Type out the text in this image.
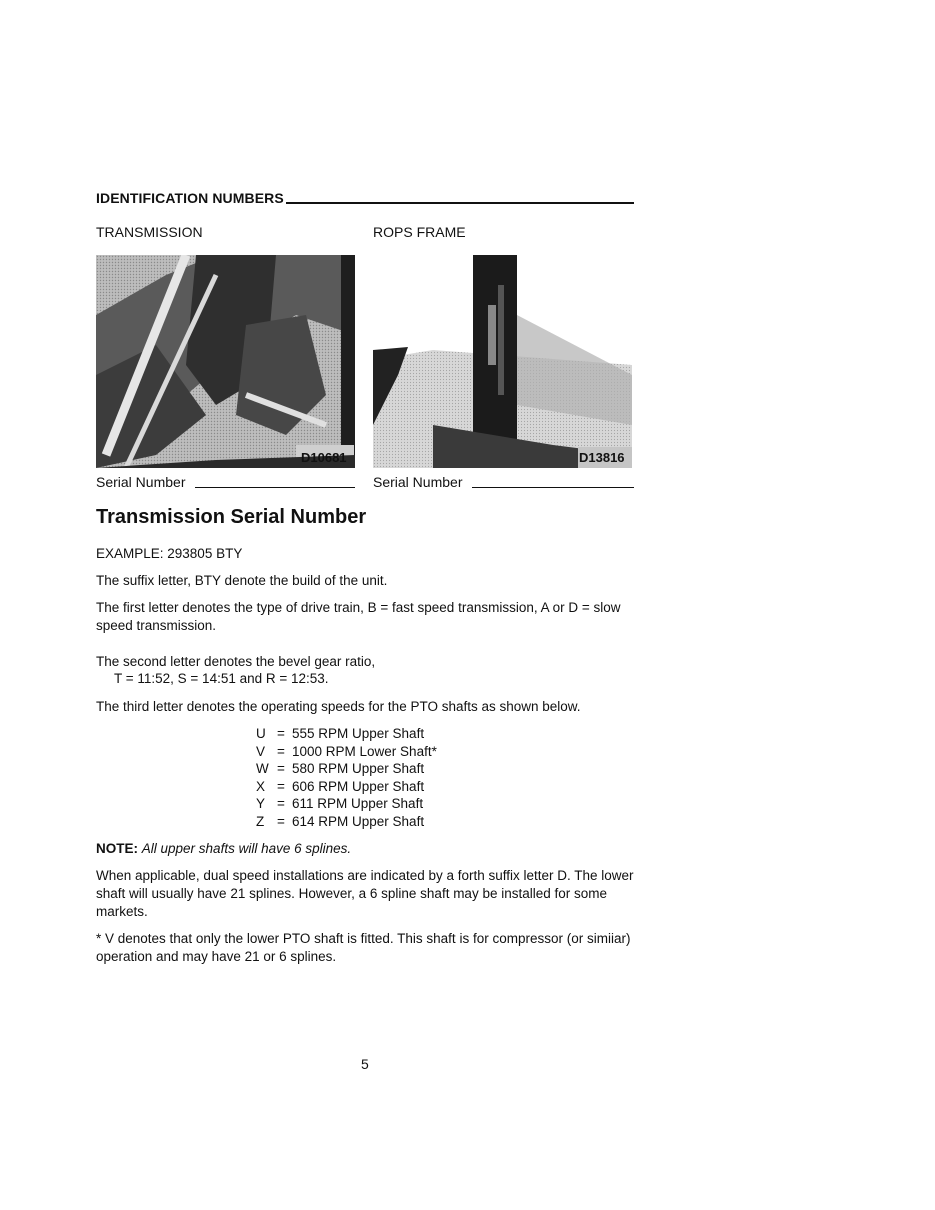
IDENTIFICATION NUMBERS
TRANSMISSION	ROPS FRAME
D10681	D13816
Serial Number	Serial Number
Transmission Serial Number
EXAMPLE: 293805 BTY
The suffix letter, BTY denote the build of the unit.
The first letter denotes the type of drive train, B = fast speed transmission, A or D = slow speed transmission.
The second letter denotes the bevel gear ratio,
T = 11:52, S = 14:51 and R = 12:53.
The third letter denotes the operating speeds for the PTO shafts as shown below.
U = 555 RPM Upper Shaft
V = 1000 RPM Lower Shaft*
W = 580 RPM Upper Shaft
X = 606 RPM Upper Shaft
Y = 611 RPM Upper Shaft
Z = 614 RPM Upper Shaft
NOTE: All upper shafts will have 6 splines.
When applicable, dual speed installations are indicated by a forth suffix letter D. The lower shaft will usually have 21 splines. However, a 6 spline shaft may be installed for some markets.
* V denotes that only the lower PTO shaft is fitted. This shaft is for compressor (or simiiar) operation and may have 21 or 6 splines.
5
